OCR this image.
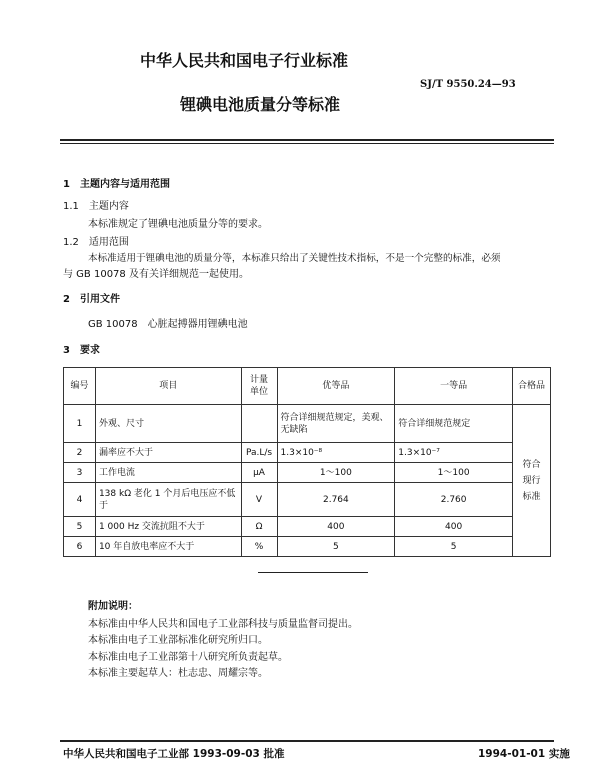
中华人民共和国电子行业标准
SJ/T 9550.24—93
锂碘电池质量分等标准
1　主题内容与适用范围
1.1　主题内容
本标准规定了锂碘电池质量分等的要求。
1.2　适用范围
本标准适用于锂碘电池的质量分等，本标准只给出了关键性技术指标，不是一个完整的标准，必须
与 GB 10078 及有关详细规范一起使用。
2　引用文件
GB 10078　心脏起搏器用锂碘电池
3　要求
编号	项目	计量
单位	优等品	一等品	合格品
1	外观、尺寸		符合详细规范规定，美观、无缺陷	符合详细规范规定	符合现行标准
2	漏率应不大于	Pa.L/s	1.3×10⁻⁸	1.3×10⁻⁷	
3	工作电流	μA	1～100	1～100	
4	138 kΩ 老化 1 个月后电压应不低于	V	2.764	2.760	
5	1 000 Hz 交流抗阻不大于	Ω	400	400	
6	10 年自放电率应不大于	%	5	5	
附加说明：
本标准由中华人民共和国电子工业部科技与质量监督司提出。
本标准由电子工业部标准化研究所归口。
本标准由电子工业部第十八研究所负责起草。
本标准主要起草人：杜志忠、周耀宗等。
中华人民共和国电子工业部 1993-09-03 批准	1994-01-01 实施
